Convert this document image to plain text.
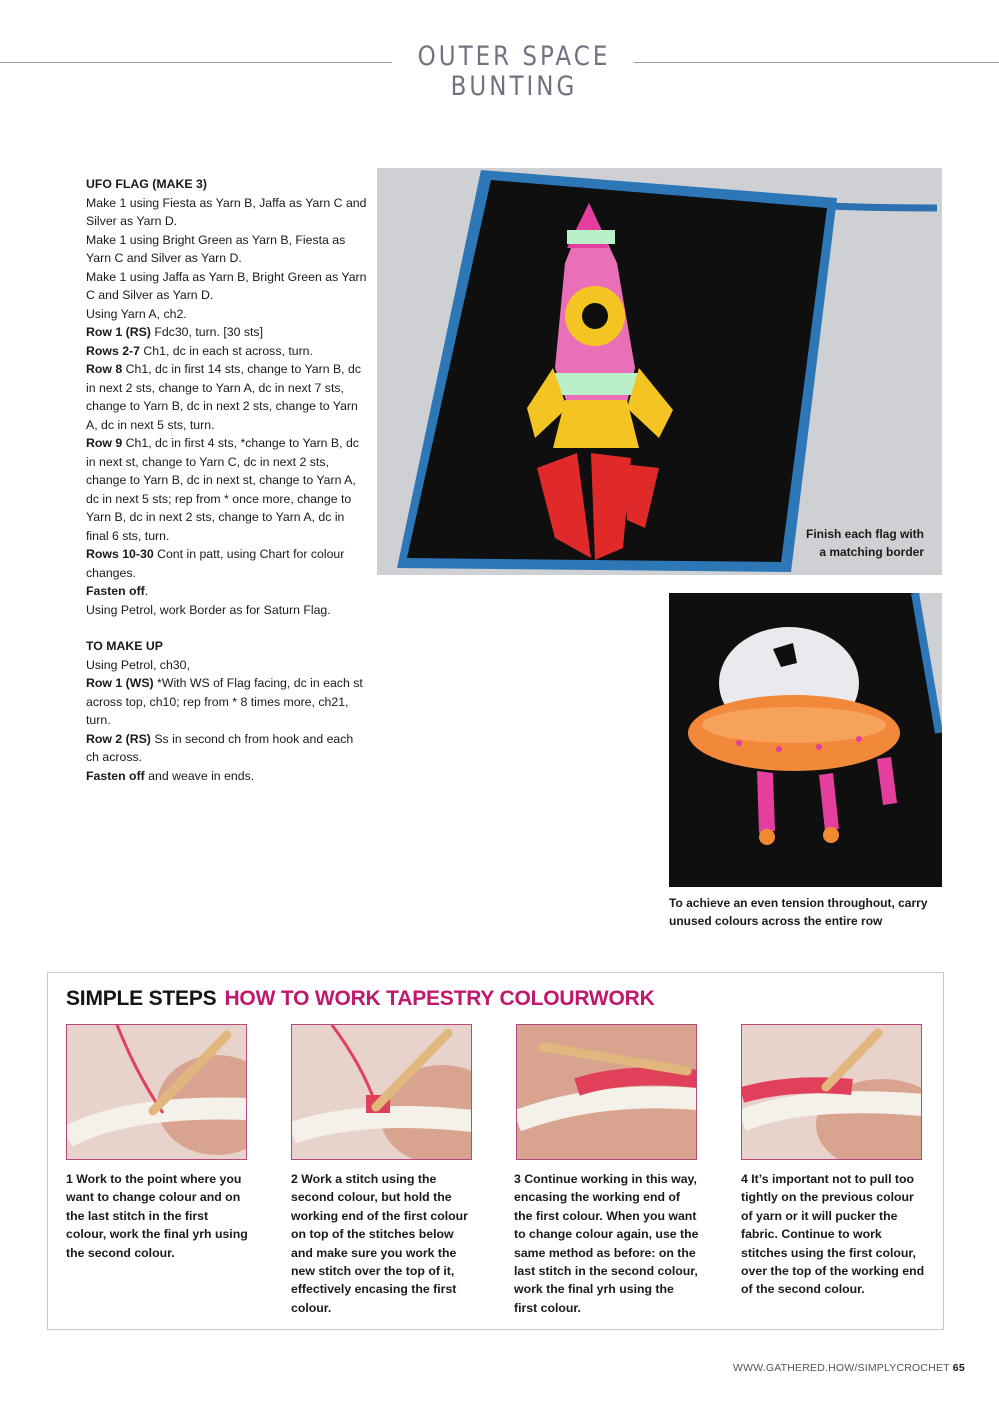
OUTER SPACE BUNTING

UFO FLAG (MAKE 3)

Make 1 using Fiesta as Yarn B, Jaffa as Yarn C and Silver as Yarn D.

Make 1 using Bright Green as Yarn B, Fiesta as Yarn C and Silver as Yarn D.

Make 1 using Jaffa as Yarn B, Bright Green as Yarn C and Silver as Yarn D.

Using Yarn A, ch2.

Row 1 (RS) Fdc30, turn. [30 sts]

Rows 2-7 Ch1, dc in each st across, turn.

Row 8 Ch1, dc in first 14 sts, change to Yarn B, dc in next 2 sts, change to Yarn A, dc in next 7 sts, change to Yarn B, dc in next 2 sts, change to Yarn A, dc in next 5 sts, turn.

Row 9 Ch1, dc in first 4 sts, *change to Yarn B, dc in next st, change to Yarn C, dc in next 2 sts, change to Yarn B, dc in next st, change to Yarn A, dc in next 5 sts; rep from * once more, change to Yarn B, dc in next 2 sts, change to Yarn A, dc in final 6 sts, turn.

Rows 10-30 Cont in patt, using Chart for colour changes.

Fasten off.

Using Petrol, work Border as for Saturn Flag.

TO MAKE UP

Using Petrol, ch30,

Row 1 (WS) *With WS of Flag facing, dc in each st across top, ch10; rep from * 8 times more, ch21, turn.

Row 2 (RS) Ss in second ch from hook and each ch across.

Fasten off and weave in ends.

Finish each flag with
a matching border
To achieve an even tension throughout, carry
unused colours across the entire row
SIMPLE STEPS HOW TO WORK TAPESTRY COLOURWORK
1 Work to the point where you want to change colour and on the last stitch in the first colour, work the final yrh using the second colour.
2 Work a stitch using the second colour, but hold the working end of the first colour on top of the stitches below and make sure you work the new stitch over the top of it, effectively encasing the first colour.
3 Continue working in this way, encasing the working end of the first colour. When you want to change colour again, use the same method as before: on the last stitch in the second colour, work the final yrh using the first colour.
4 It’s important not to pull too tightly on the previous colour of yarn or it will pucker the fabric. Continue to work stitches using the first colour, over the top of the working end of the second colour.
WWW.GATHERED.HOW/SIMPLYCROCHET 65
